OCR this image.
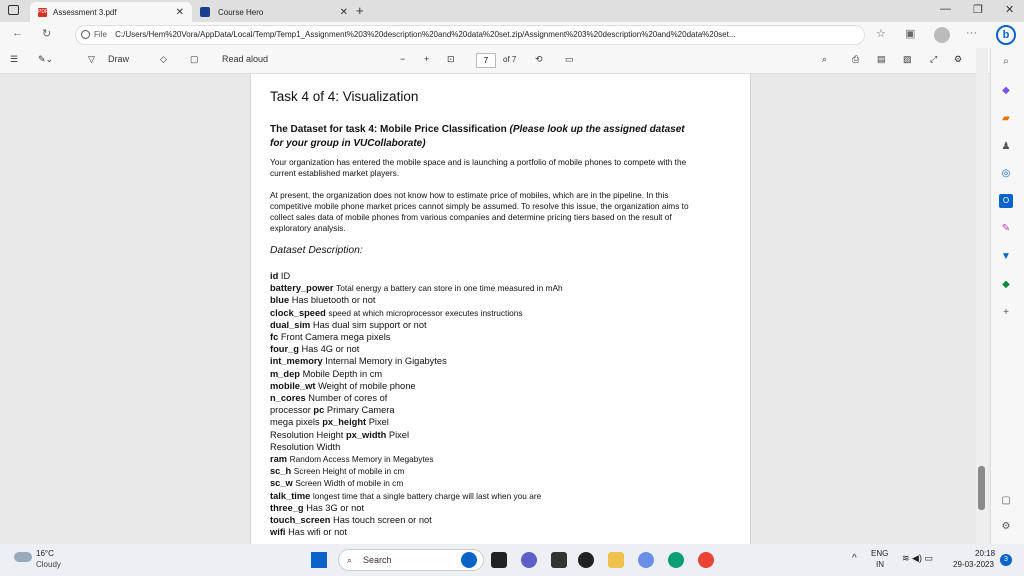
PDF Assessment 3.pdf	✕	Course Hero	✕ +	— ❐ ✕
← ↻	File C:/Users/Hem%20Vora/AppData/Local/Temp/Temp1_Assignment%203%20description%20and%20data%20set.zip/Assignment%203%20description%20and%20data%20set...	☆ ▣	···	b
☰ ✎⌄	▽ Draw	◇	▢	Read aloud	− + ⊡	7	of 7 ⟲ ▭	⌕	⎙ ▤ ▨ ⤢ ⚙	⌕
◆
▰
♟
◎
O
✎
▼
◆
+
▢
⚙
Task 4 of 4: Visualization
The Dataset for task 4: Mobile Price Classification (Please look up the assigned dataset for your group in VUCollaborate)
Your organization has entered the mobile space and is launching a portfolio of mobile phones to compete with the current established market players.
At present, the organization does not know how to estimate price of mobiles, which are in the pipeline. In this competitive mobile phone market prices cannot simply be assumed. To resolve this issue, the organization aims to collect sales data of mobile phones from various companies and determine pricing tiers based on the result of exploratory analysis.
Dataset Description:
id ID
battery_power Total energy a battery can store in one time measured in mAh
blue Has bluetooth or not
clock_speed speed at which microprocessor executes instructions
dual_sim Has dual sim support or not
fc Front Camera mega pixels
four_g Has 4G or not
int_memory Internal Memory in Gigabytes
m_dep Mobile Depth in cm
mobile_wt Weight of mobile phone
n_cores Number of cores of
processor pc Primary Camera
mega pixels px_height Pixel
Resolution Height px_width Pixel
Resolution Width
ram Random Access Memory in Megabytes
sc_h Screen Height of mobile in cm
sc_w Screen Width of mobile in cm
talk_time longest time that a single battery charge will last when you are
three_g Has 3G or not
touch_screen Has touch screen or not
wifi Has wifi or not
16°C
Cloudy	⌕ Search	^ ENG
IN
≋ ◀) ▭	20:18
29-03-2023
3
